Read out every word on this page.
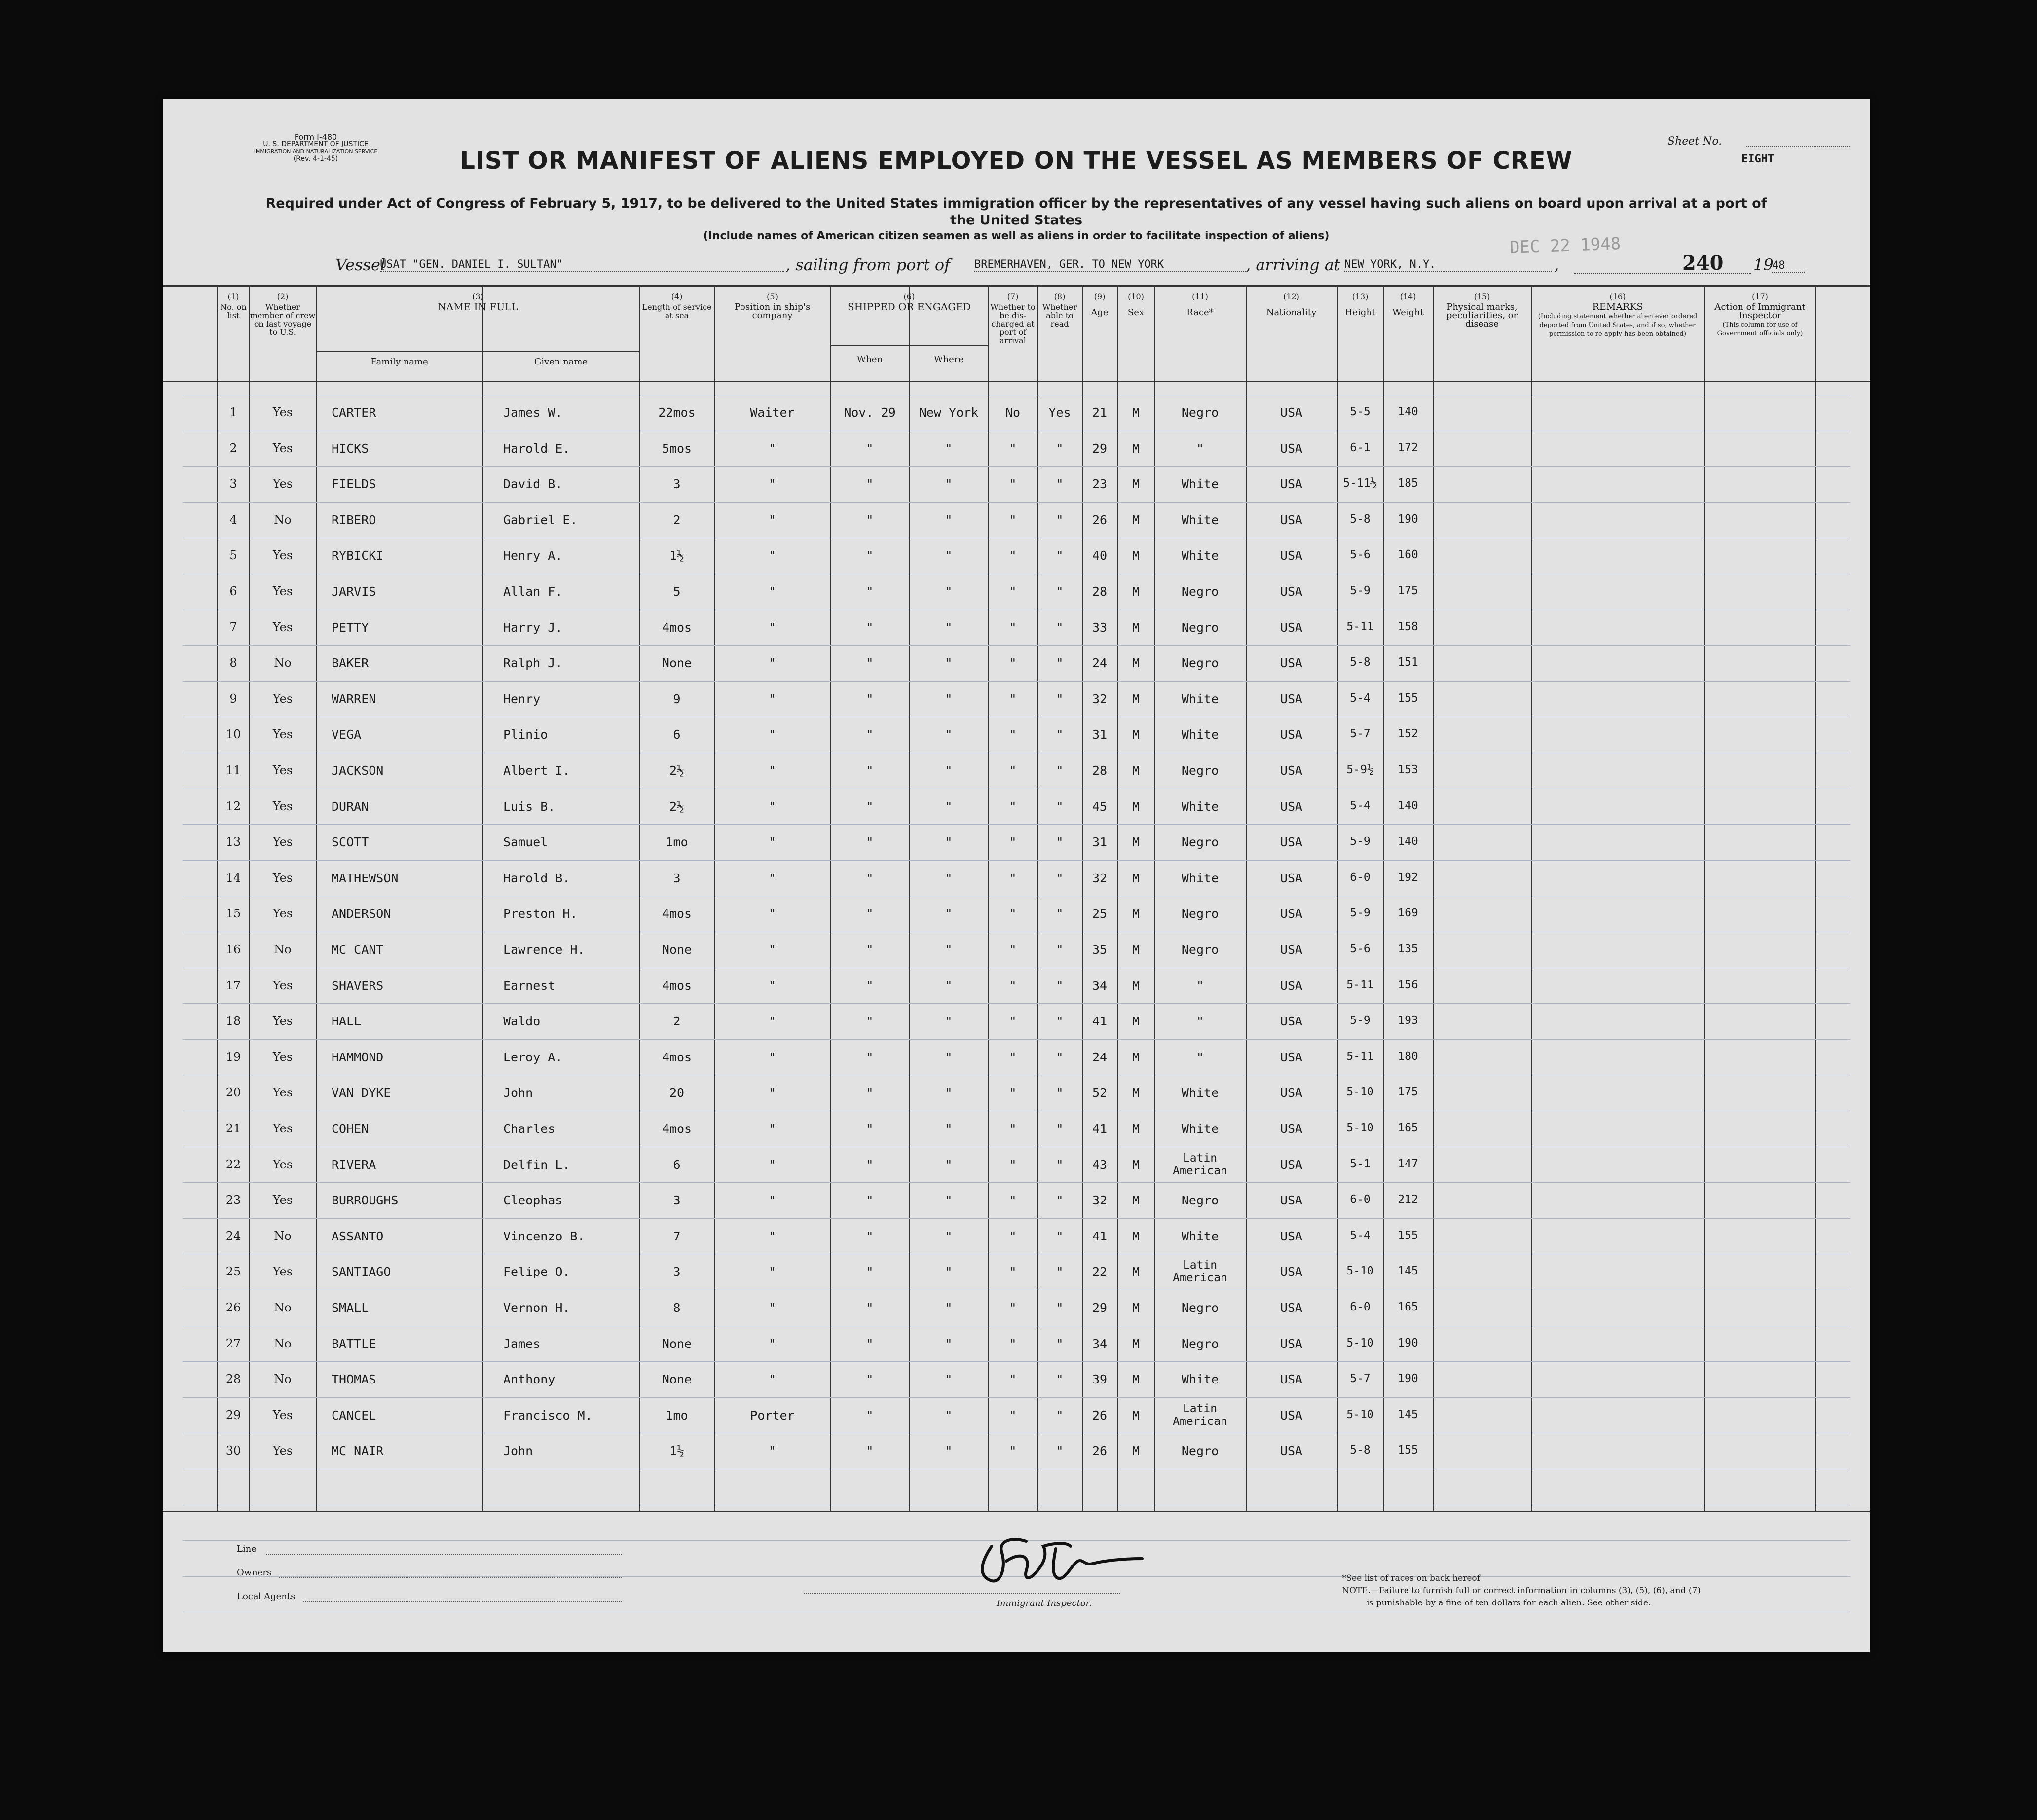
Form I-480
U. S. DEPARTMENT OF JUSTICE
IMMIGRATION AND NATURALIZATION SERVICE
(Rev. 4-1-45)
Sheet No.
EIGHT
LIST OR MANIFEST OF ALIENS EMPLOYED ON THE VESSEL AS MEMBERS OF CREW
Required under Act of Congress of February 5, 1917, to be delivered to the United States immigration officer by the representatives of any vessel having such aliens on board upon arrival at a port of the United States
(Include names of American citizen seamen as well as aliens in order to facilitate inspection of aliens)	DEC 22 1948
Vessel
USAT "GEN. DANIEL I. SULTAN"	, sailing from port of BREMERHAVEN, GER. TO NEW YORK	, arriving at NEW YORK, N.Y.	,	19
48
240
(1)
No. on list
(2)
Whether member of crew on last voyage to U.S.
(3)
NAME IN FULL
Family name	Given name
(4)
Length of service at sea
(5)
Position in ship's company
(6)
SHIPPED OR ENGAGED
When	Where
(7)
Whether to be dis-charged at port of arrival
(8)
Whether able to read
(9)
Age
(10)
Sex
(11)
Race*
(12)
Nationality
(13)
Height
(14)
Weight
(15)
Physical marks, peculiarities, or disease
(16)
REMARKS
(Including statement whether alien ever ordered deported from United States, and if so, whether permission to re-apply has been obtained)
(17)
Action of Immigrant Inspector
(This column for use of Government officials only)
1	Yes	CARTER	James W.	22mos	Waiter	Nov. 29	New York	No	Yes	21	M	Negro	USA	5-5	140
2	Yes	HICKS	Harold E.	5mos	"	"	"	"	"	29	M	"	USA	6-1	172
3	Yes	FIELDS	David B.	3	"	"	"	"	"	23	M	White	USA	5-11½	185
4	No	RIBERO	Gabriel E.	2	"	"	"	"	"	26	M	White	USA	5-8	190
5	Yes	RYBICKI	Henry A.	1½	"	"	"	"	"	40	M	White	USA	5-6	160
6	Yes	JARVIS	Allan F.	5	"	"	"	"	"	28	M	Negro	USA	5-9	175
7	Yes	PETTY	Harry J.	4mos	"	"	"	"	"	33	M	Negro	USA	5-11	158
8	No	BAKER	Ralph J.	None	"	"	"	"	"	24	M	Negro	USA	5-8	151
9	Yes	WARREN	Henry	9	"	"	"	"	"	32	M	White	USA	5-4	155
10	Yes	VEGA	Plinio	6	"	"	"	"	"	31	M	White	USA	5-7	152
11	Yes	JACKSON	Albert I.	2½	"	"	"	"	"	28	M	Negro	USA	5-9½	153
12	Yes	DURAN	Luis B.	2½	"	"	"	"	"	45	M	White	USA	5-4	140
13	Yes	SCOTT	Samuel	1mo	"	"	"	"	"	31	M	Negro	USA	5-9	140
14	Yes	MATHEWSON	Harold B.	3	"	"	"	"	"	32	M	White	USA	6-0	192
15	Yes	ANDERSON	Preston H.	4mos	"	"	"	"	"	25	M	Negro	USA	5-9	169
16	No	MC CANT	Lawrence H.	None	"	"	"	"	"	35	M	Negro	USA	5-6	135
17	Yes	SHAVERS	Earnest	4mos	"	"	"	"	"	34	M	"	USA	5-11	156
18	Yes	HALL	Waldo	2	"	"	"	"	"	41	M	"	USA	5-9	193
19	Yes	HAMMOND	Leroy A.	4mos	"	"	"	"	"	24	M	"	USA	5-11	180
20	Yes	VAN DYKE	John	20	"	"	"	"	"	52	M	White	USA	5-10	175
21	Yes	COHEN	Charles	4mos	"	"	"	"	"	41	M	White	USA	5-10	165
22	Yes	RIVERA	Delfin L.	6	"	"	"	"	"	43	M	Latin American	USA	5-1	147
23	Yes	BURROUGHS	Cleophas	3	"	"	"	"	"	32	M	Negro	USA	6-0	212
24	No	ASSANTO	Vincenzo B.	7	"	"	"	"	"	41	M	White	USA	5-4	155
25	Yes	SANTIAGO	Felipe O.	3	"	"	"	"	"	22	M	Latin American	USA	5-10	145
26	No	SMALL	Vernon H.	8	"	"	"	"	"	29	M	Negro	USA	6-0	165
27	No	BATTLE	James	None	"	"	"	"	"	34	M	Negro	USA	5-10	190
28	No	THOMAS	Anthony	None	"	"	"	"	"	39	M	White	USA	5-7	190
29	Yes	CANCEL	Francisco M.	1mo	Porter	"	"	"	"	26	M	Latin American	USA	5-10	145
30	Yes	MC NAIR	John	1½	"	"	"	"	"	26	M	Negro	USA	5-8	155
Line
Owners
Local Agents
Immigrant Inspector.
*See list of races on back hereof.
NOTE.—Failure to furnish full or correct information in columns (3), (5), (6), and (7)
is punishable by a fine of ten dollars for each alien. See other side.
